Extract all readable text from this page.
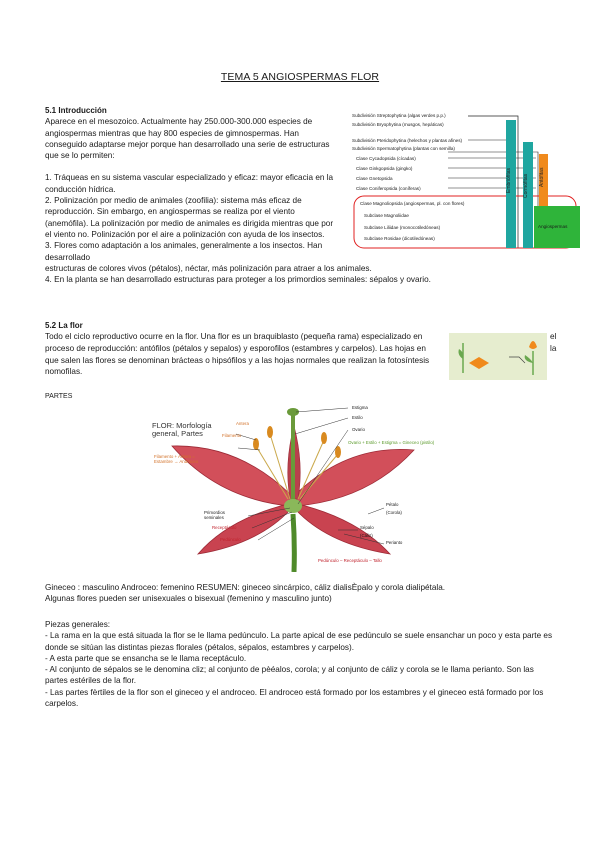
TEMA 5 ANGIOSPERMAS FLOR
5.1 Introducción
Aparece en el mesozoico. Actualmente hay 250.000-300.000 especies de
angiospermas mientras que hay 800 especies de gimnospermas. Han
conseguido adaptarse mejor porque han desarrollado una serie de estructuras
que se lo permiten:
1. Tráqueas en su sistema vascular especializado y eficaz: mayor eficacia en la
conducción hídrica.
2. Polinización por medio de animales (zoofilia): sistema más eficaz de
reproducción. Sin embargo, en angiospermas se realiza por el viento
(anemófila). La polinización por medio de animales es dirigida mientras que por
el viento no. Polinización por el aire a polinización con ayuda de los insectos.
3. Flores como adaptación a los animales, generalmente a los insectos. Han
desarrollado
estructuras de colores vivos (pétalos), néctar, más polinización para atraer a los animales.
4. En la planta se han desarrollado estructuras para proteger a los primordios seminales: sépalos y ovario.
Subdivisión Streptophytina (algas verdes p.p.)
Subdivisión Bryophytina (musgos, hepáticas)
Subdivisión Pteridophytina (helechos y plantas afines)
Subdivisión Spermatophytina (plantas con semilla)
Clase Cycadopsida (cícadas)
Clase Ginkgopsida (gingko)
Clase Gnetopsida
Clase Coniferopsida (coníferas)
Clase Magnoliopsida (angiospermas, pl. con flores)
Subclase Magnoliidae
Subclase Liliidae (monocotiledóneas)
Subclase Rosidae (dicotiledóneas)
Embriófitas	Cormófitas	Antófitas
Angiospermas
5.2 La flor
Todo el ciclo reproductivo ocurre en la flor. Una flor es un braquiblasto (pequeña rama) especializado en	el
proceso de reproducción: antófilos (pétalos y sepalos) y esporofilos (estambres y carpelos). Las hojas en	la
que salen las flores se denominan brácteas o hipsófilos y a las hojas normales que realizan la fotosíntesis
nomofilas.
PARTES
FLOR: Morfología general, Partes
Antera
Filamento
Filamento + Antera = Estambre → Androceo
Estigma
Estilo
Ovario
Ovario + Estilo + Estigma = Gineceo (pistilo)
Primordios seminales
Receptáculo
Pedúnculo
Pétalo
(Corola)
Sépalo
(Cáliz)
Perianto
Pedúnculo – Receptáculo – Tallo
Gineceo : masculino Androceo: femenino RESUMEN: gineceo sincárpico, cáliz dialisÈpalo y corola dialipétala.
Algunas flores pueden ser unisexuales o bisexual (femenino y masculino junto)
Piezas generales:
- La rama en la que está situada la flor se le llama pedúnculo. La parte apical de ese pedúnculo se suele ensanchar un poco y esta parte es
donde se sitúan las distintas piezas florales (pétalos, sépalos, estambres y carpelos).
- A esta parte que se ensancha se le llama receptáculo.
- Al conjunto de sépalos se le denomina cliz; al conjunto de pèéalos, corola; y al conjunto de cáliz y corola se le llama perianto. Son las
partes estériles de la flor.
- Las partes fèrtiles de la flor son el gineceo y el androceo. El androceo está formado por los estambres y el gineceo está formado por los
carpelos.
